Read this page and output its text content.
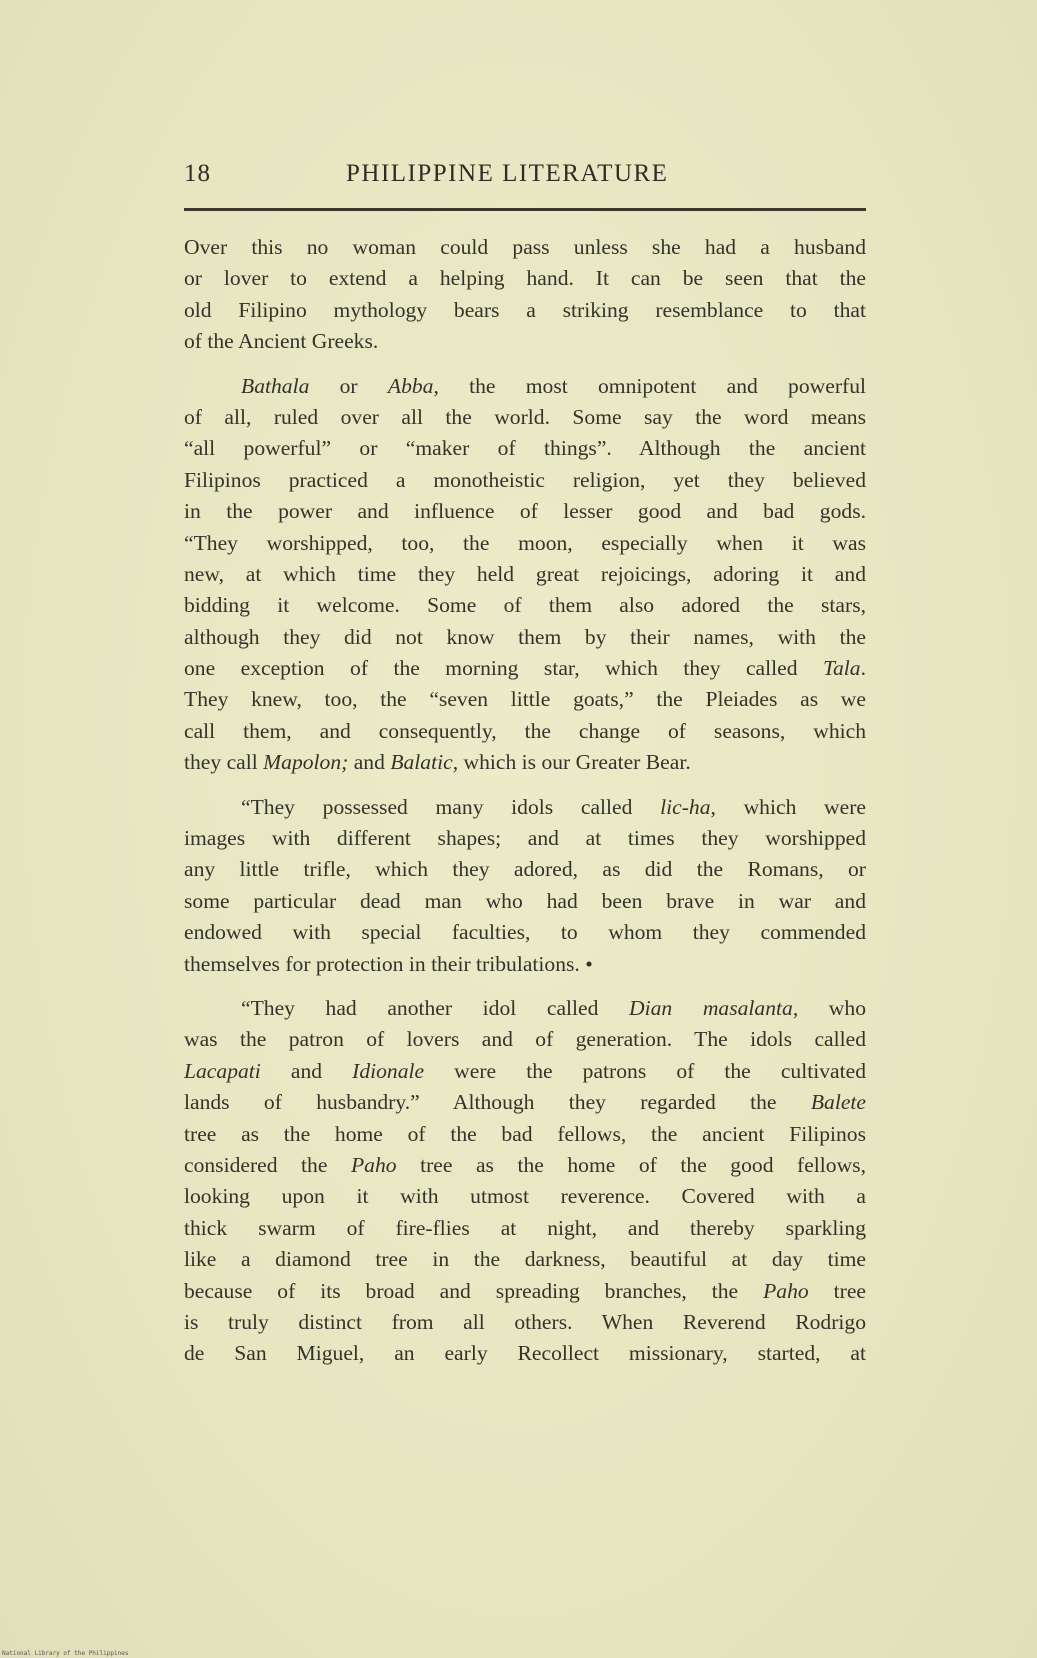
18	PHILIPPINE LITERATURE
Over this no woman could pass unless she had a husband
or lover to extend a helping hand. It can be seen that the
old Filipino mythology bears a striking resemblance to that
of the Ancient Greeks.
Bathala or Abba, the most omnipotent and powerful
of all, ruled over all the world. Some say the word means
“all powerful” or “maker of things”. Although the ancient
Filipinos practiced a monotheistic religion, yet they believed
in the power and influence of lesser good and bad gods.
“They worshipped, too, the moon, especially when it was
new, at which time they held great rejoicings, adoring it and
bidding it welcome. Some of them also adored the stars,
although they did not know them by their names, with the
one exception of the morning star, which they called Tala.
They knew, too, the “seven little goats,” the Pleiades as we
call them, and consequently, the change of seasons, which
they call Mapolon; and Balatic, which is our Greater Bear.
“They possessed many idols called lic-ha, which were
images with different shapes; and at times they worshipped
any little trifle, which they adored, as did the Romans, or
some particular dead man who had been brave in war and
endowed with special faculties, to whom they commended
themselves for protection in their tribulations. •
“They had another idol called Dian masalanta, who
was the patron of lovers and of generation. The idols called
Lacapati and Idionale were the patrons of the cultivated
lands of husbandry.” Although they regarded the Balete
tree as the home of the bad fellows, the ancient Filipinos
considered the Paho tree as the home of the good fellows,
looking upon it with utmost reverence. Covered with a
thick swarm of fire-flies at night, and thereby sparkling
like a diamond tree in the darkness, beautiful at day time
because of its broad and spreading branches, the Paho tree
is truly distinct from all others. When Reverend Rodrigo
de San Miguel, an early Recollect missionary, started, at
National Library of the Philippines
